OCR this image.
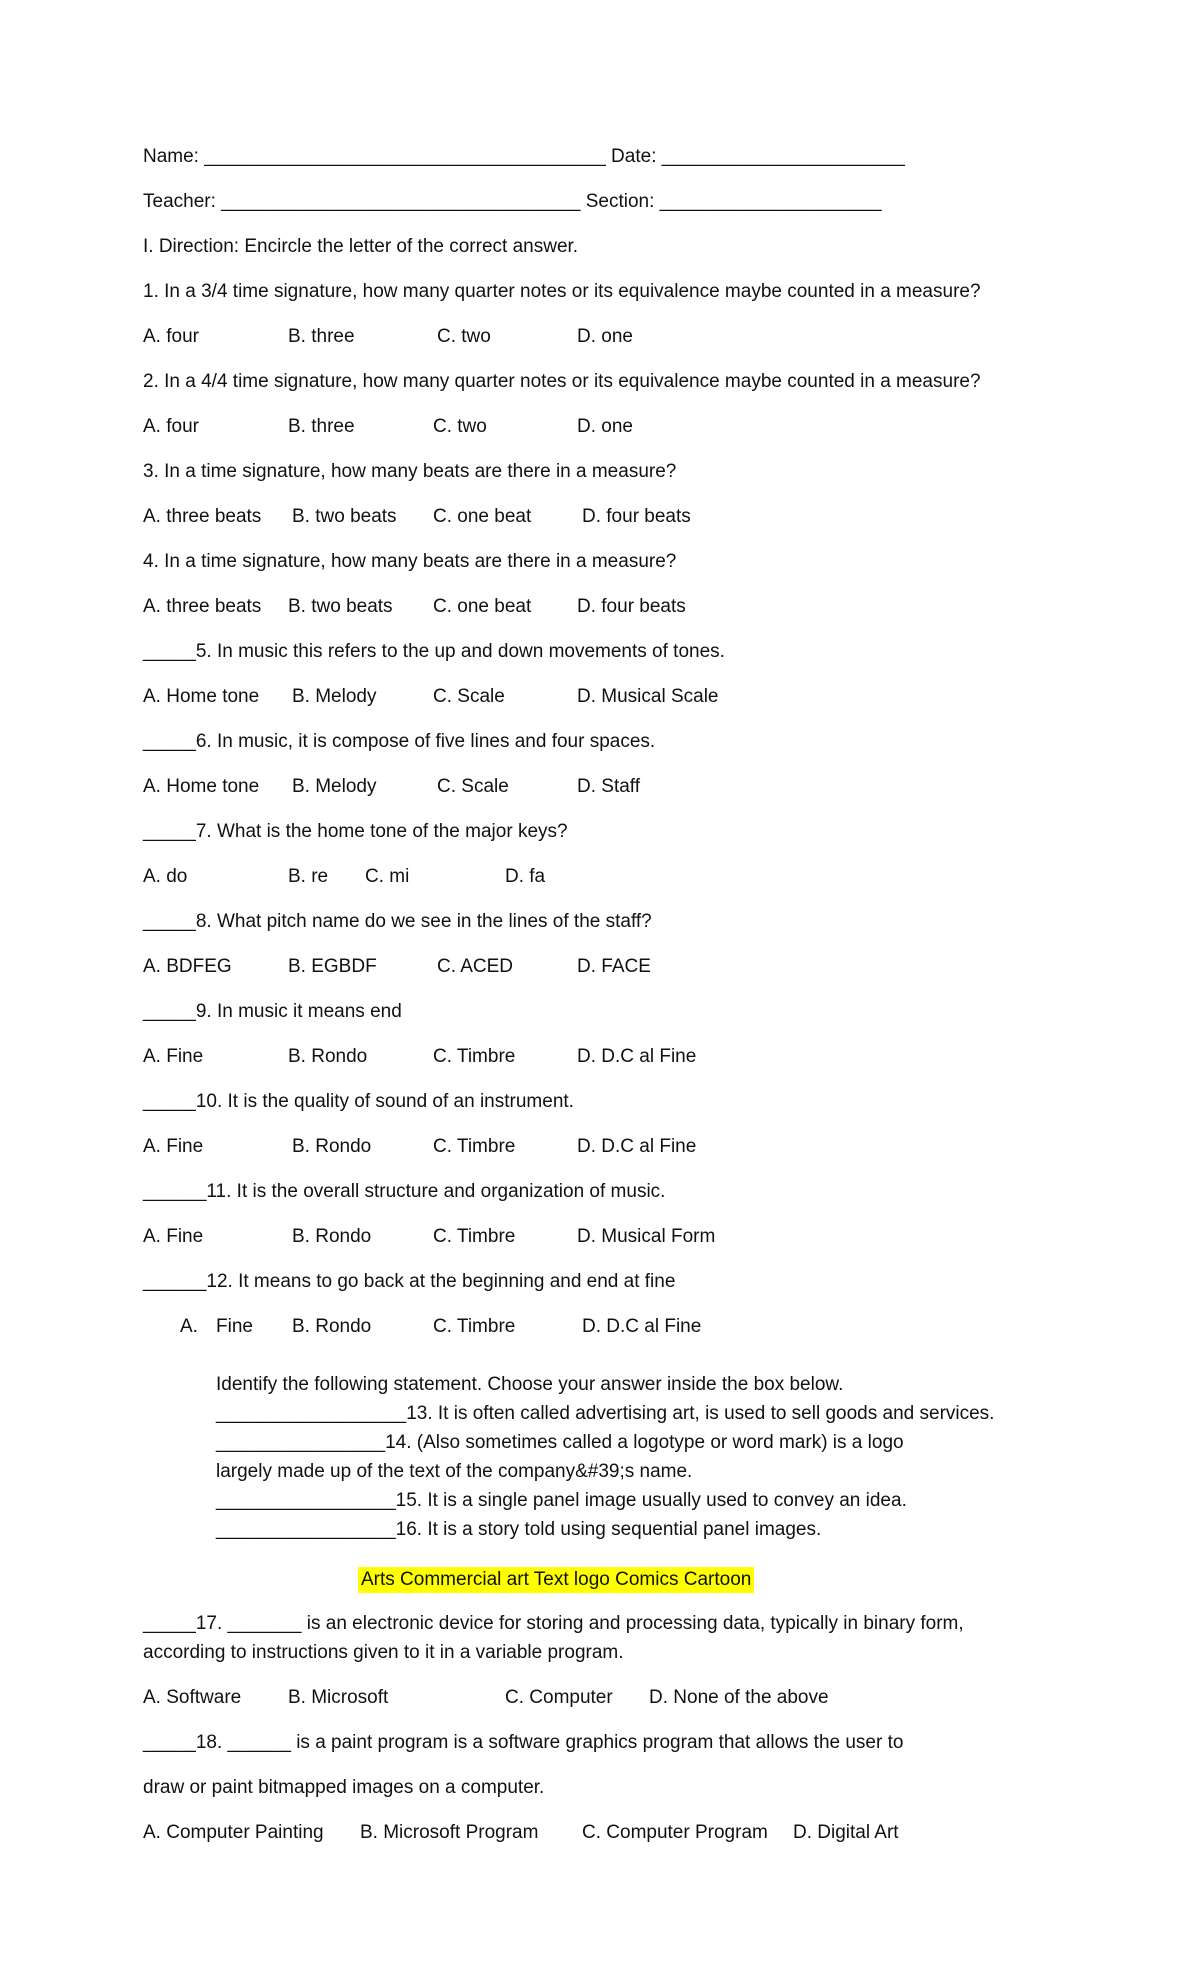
Name: ______________________________________ Date: _______________________
Teacher: __________________________________ Section: _____________________
I. Direction: Encircle the letter of the correct answer.
1. In a 3/4 time signature, how many quarter notes or its equivalence maybe counted in a measure?
A. four	B. three	C. two	D. one
2. In a 4/4 time signature, how many quarter notes or its equivalence maybe counted in a measure?
A. four	B. three	C. two	D. one
3. In a time signature, how many beats are there in a measure?
A. three beats B. two beats C. one beat	D. four beats
4. In a time signature, how many beats are there in a measure?
A. three beats B. two beats C. one beat D. four beats
_____5. In music this refers to the up and down movements of tones.
A. Home tone B. Melody	C. Scale	D. Musical Scale
_____6. In music, it is compose of five lines and four spaces.
A. Home tone B. Melody	C. Scale	D. Staff
_____7. What is the home tone of the major keys?
A. do	B. re C. mi	D. fa
_____8. What pitch name do we see in the lines of the staff?
A. BDFEG	B. EGBDF	C. ACED	D. FACE
_____9. In music it means end
A. Fine	B. Rondo	C. Timbre	D. D.C al Fine
_____10. It is the quality of sound of an instrument.
A. Fine	B. Rondo	C. Timbre	D. D.C al Fine
______11. It is the overall structure and organization of music.
A. Fine	B. Rondo	C. Timbre	D. Musical Form
______12. It means to go back at the beginning and end at fine
A. Fine B. Rondo	C. Timbre	D. D.C al Fine
Identify the following statement. Choose your answer inside the box below.
__________________13. It is often called advertising art, is used to sell goods and services.
________________14. (Also sometimes called a logotype or word mark) is a logo
largely made up of the text of the company&#39;s name.
_________________15. It is a single panel image usually used to convey an idea.
_________________16. It is a story told using sequential panel images.
Arts Commercial art Text logo Comics Cartoon
_____17. _______ is an electronic device for storing and processing data, typically in binary form,
according to instructions given to it in a variable program.
A. Software B. Microsoft	C. Computer D. None of the above
_____18. ______ is a paint program is a software graphics program that allows the user to
draw or paint bitmapped images on a computer.
A. Computer Painting B. Microsoft Program C. Computer Program D. Digital Art
